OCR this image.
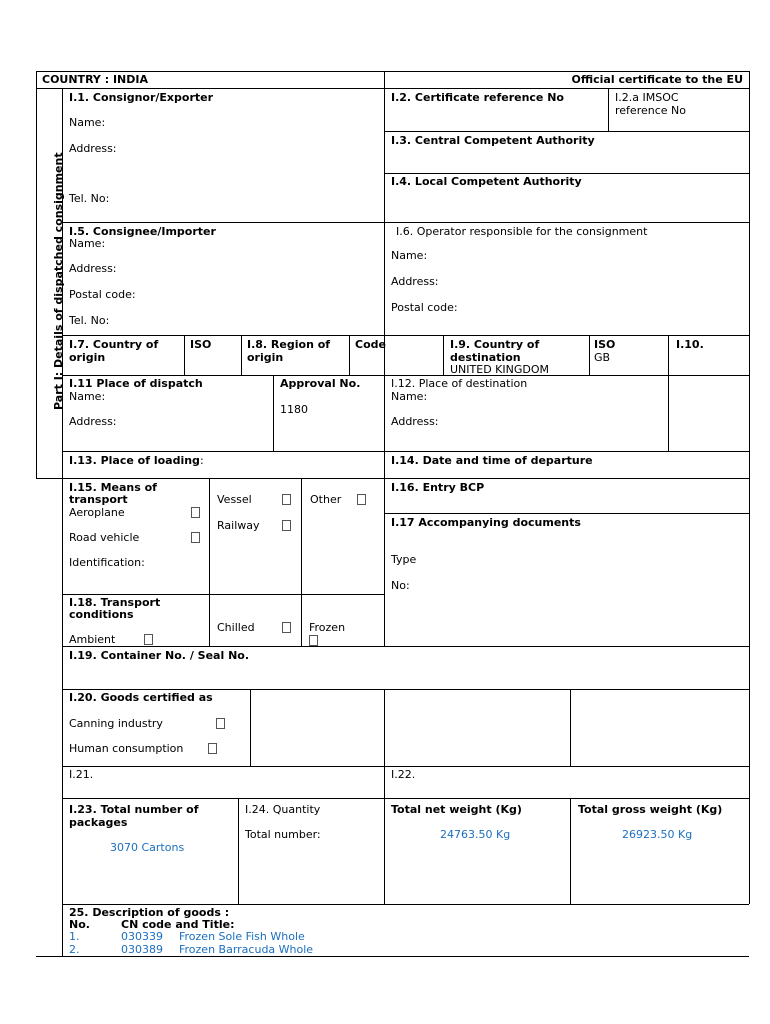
COUNTRY : INDIA	Official certificate to the EU
Part I: Details of dispatched consignment
I.1. Consignor/Exporter
Name:
Address:
Tel. No:
I.2. Certificate reference No	I.2.a IMSOC
reference No
I.3. Central Competent Authority
I.4. Local Competent Authority
I.5. Consignee/Importer
Name:
Address:
Postal code:
Tel. No:
I.6. Operator responsible for the consignment
Name:
Address:
Postal code:
I.7. Country of
origin
ISO	I.8. Region of
origin
Code	I.9. Country of
destination
UNITED KINGDOM
ISO
GB
I.10.
I.11 Place of dispatch
Name:
Address:
Approval No.
1180
I.12. Place of destination
Name:
Address:
I.13. Place of loading:	I.14. Date and time of departure
I.15. Means of
transport
Aeroplane
Road vehicle
Identification:
Vessel
Railway
Other
I.16. Entry BCP
I.17 Accompanying documents
Type
No:
I.18. Transport
conditions
Ambient
Chilled	Frozen
I.19. Container No. / Seal No.
I.20. Goods certified as
Canning industry
Human consumption
I.21.	I.22.
I.23. Total number of
packages
3070 Cartons
I.24. Quantity
Total number:
Total net weight (Kg)
24763.50 Kg
Total gross weight (Kg)
26923.50 Kg
25. Description of goods :
No.	CN code and Title:
1.	030339 Frozen Sole Fish Whole
2.	030389 Frozen Barracuda Whole
